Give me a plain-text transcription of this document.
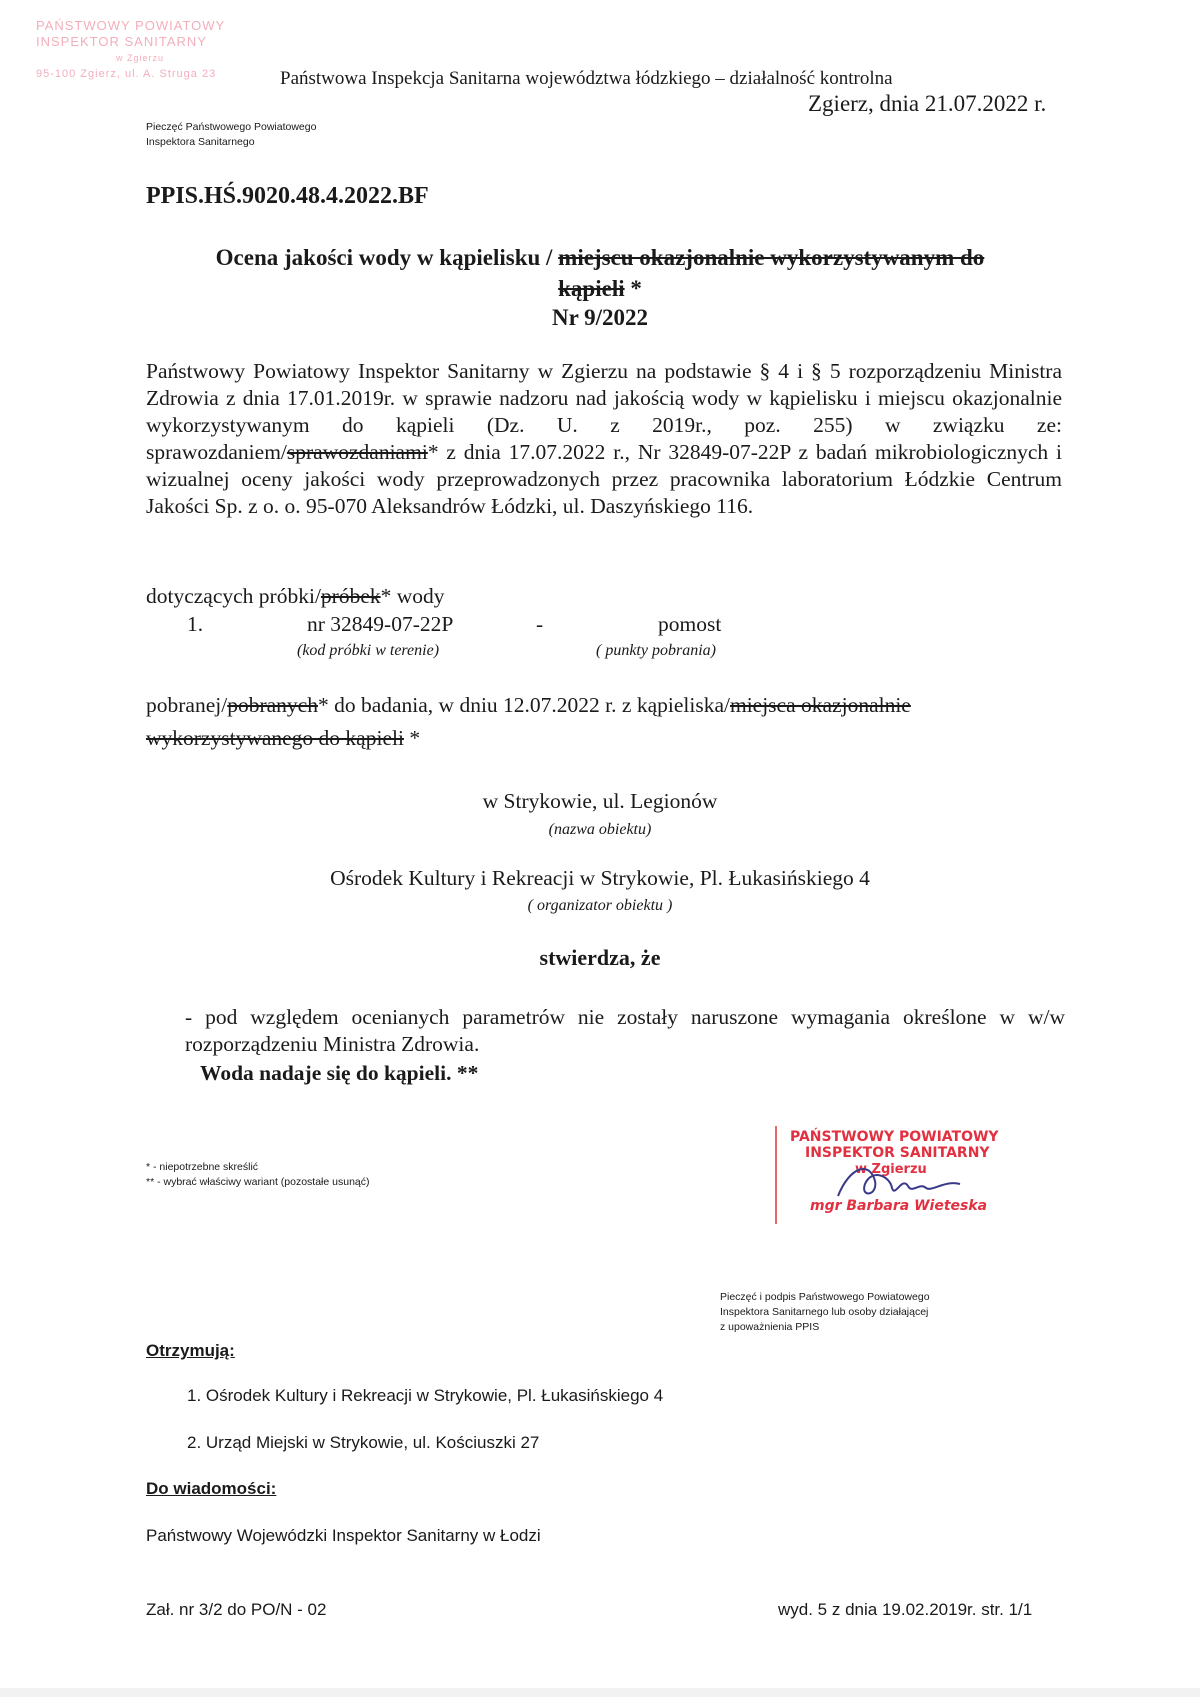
PAŃSTWOWY POWIATOWY
INSPEKTOR SANITARNY
w Zgierzu
95-100 Zgierz, ul. A. Struga 23	Państwowa Inspekcja Sanitarna województwa łódzkiego – działalność kontrolna
Zgierz, dnia 21.07.2022 r.
Pieczęć Państwowego Powiatowego
Inspektora Sanitarnego
PPIS.HŚ.9020.48.4.2022.BF
Ocena jakości wody w kąpielisku / miejscu okazjonalnie wykorzystywanym do
kąpieli *
Nr 9/2022
Państwowy Powiatowy Inspektor Sanitarny w Zgierzu na podstawie § 4 i § 5 rozporządzeniu Ministra Zdrowia z dnia 17.01.2019r. w sprawie nadzoru nad jakością wody w kąpielisku i miejscu okazjonalnie wykorzystywanym do kąpieli (Dz. U. z 2019r., poz. 255) w związku ze: sprawozdaniem/sprawozdaniami* z dnia 17.07.2022 r., Nr 32849-07-22P z badań mikrobiologicznych i wizualnej oceny jakości wody przeprowadzonych przez pracownika laboratorium Łódzkie Centrum Jakości Sp. z o. o. 95-070 Aleksandrów Łódzki, ul. Daszyńskiego 116.
dotyczących próbki/próbek* wody
1.	nr 32849-07-22P	-	pomost
(kod próbki w terenie)	( punkty pobrania)
pobranej/pobranych* do badania, w dniu 12.07.2022 r. z kąpieliska/miejsca okazjonalnie wykorzystywanego do kąpieli *
w Strykowie, ul. Legionów
(nazwa obiektu)
Ośrodek Kultury i Rekreacji w Strykowie, Pl. Łukasińskiego 4
( organizator obiektu )
stwierdza, że
- pod względem ocenianych parametrów nie zostały naruszone wymagania określone w w/w rozporządzeniu Ministra Zdrowia.
Woda nadaje się do kąpieli. **
* - niepotrzebne skreślić
** - wybrać właściwy wariant (pozostałe usunąć)
PAŃSTWOWY POWIATOWY
INSPEKTOR SANITARNY
w Zgierzu
mgr Barbara Wieteska
Pieczęć i podpis Państwowego Powiatowego
Inspektora Sanitarnego lub osoby działającej
z upoważnienia PPIS
Otrzymują:
1. Ośrodek Kultury i Rekreacji w Strykowie, Pl. Łukasińskiego 4
2. Urząd Miejski w Strykowie, ul. Kościuszki 27
Do wiadomości:
Państwowy Wojewódzki Inspektor Sanitarny w Łodzi
Zał. nr 3/2 do PO/N - 02	wyd. 5 z dnia 19.02.2019r. str. 1/1
